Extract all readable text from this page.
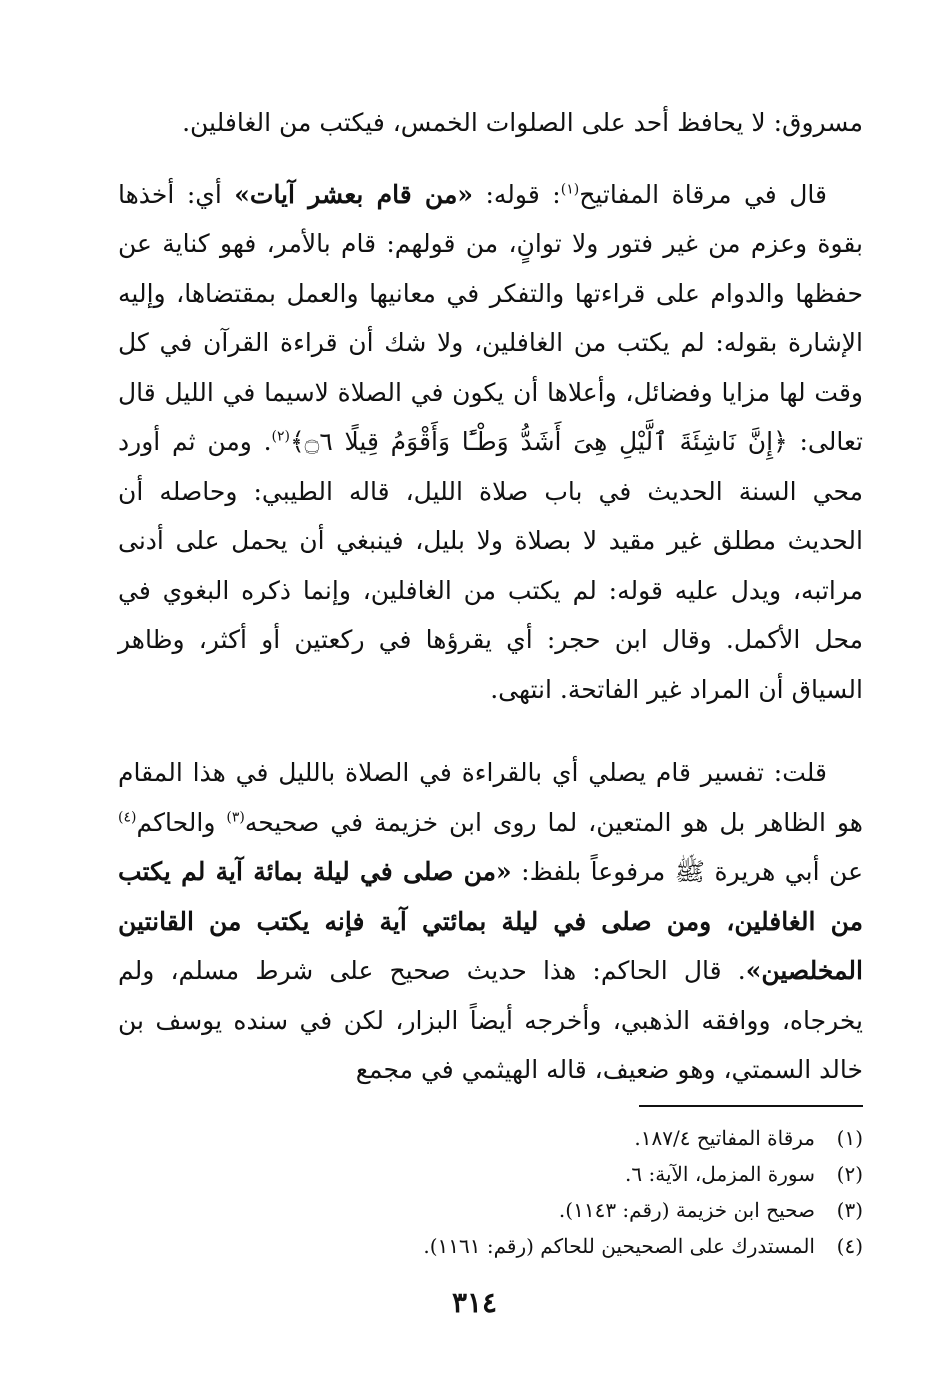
مسروق: لا يحافظ أحد على الصلوات الخمس، فيكتب من الغافلين.

قال في مرقاة المفاتيح$^{(١)}$: قوله: «من قام بعشر آيات» أي: أخذها بقوة وعزم من غير فتور ولا توانٍ، من قولهم: قام بالأمر، فهو كناية عن حفظها والدوام على قراءتها والتفكر في معانيها والعمل بمقتضاها، وإليه الإشارة بقوله: لم يكتب من الغافلين، ولا شك أن قراءة القرآن في كل وقت لها مزايا وفضائل، وأعلاها أن يكون في الصلاة لاسيما في الليل قال تعالى: ﴿إِنَّ نَاشِئَةَ ٱلَّيْلِ هِىَ أَشَدُّ وَطْـًٔا وَأَقْوَمُ قِيلًا ۝٦﴾$^{(٢)}$. ومن ثم أورد محي السنة الحديث في باب صلاة الليل، قاله الطيبي: وحاصله أن الحديث مطلق غير مقيد لا بصلاة ولا بليل، فينبغي أن يحمل على أدنى مراتبه، ويدل عليه قوله: لم يكتب من الغافلين، وإنما ذكره البغوي في محل الأكمل. وقال ابن حجر: أي يقرؤها في ركعتين أو أكثر، وظاهر السياق أن المراد غير الفاتحة. انتهى.

قلت: تفسير قام يصلي أي بالقراءة في الصلاة بالليل في هذا المقام هو الظاهر بل هو المتعين، لما روى ابن خزيمة في صحيحه$^{(٣)}$ والحاكم$^{(٤)}$ عن أبي هريرة ﷺ مرفوعاً بلفظ: «من صلى في ليلة بمائة آية لم يكتب من الغافلين، ومن صلى في ليلة بمائتي آية فإنه يكتب من القانتين المخلصين». قال الحاكم: هذا حديث صحيح على شرط مسلم، ولم يخرجاه، ووافقه الذهبي، وأخرجه أيضاً البزار، لكن في سنده يوسف بن خالد السمتي، وهو ضعيف، قاله الهيثمي في مجمع

(١)مرقاة المفاتيح ١٨٧/٤.
(٢)سورة المزمل، الآية: ٦.
(٣)صحيح ابن خزيمة (رقم: ١١٤٣).
(٤)المستدرك على الصحيحين للحاكم (رقم: ١١٦١).
٣١٤
